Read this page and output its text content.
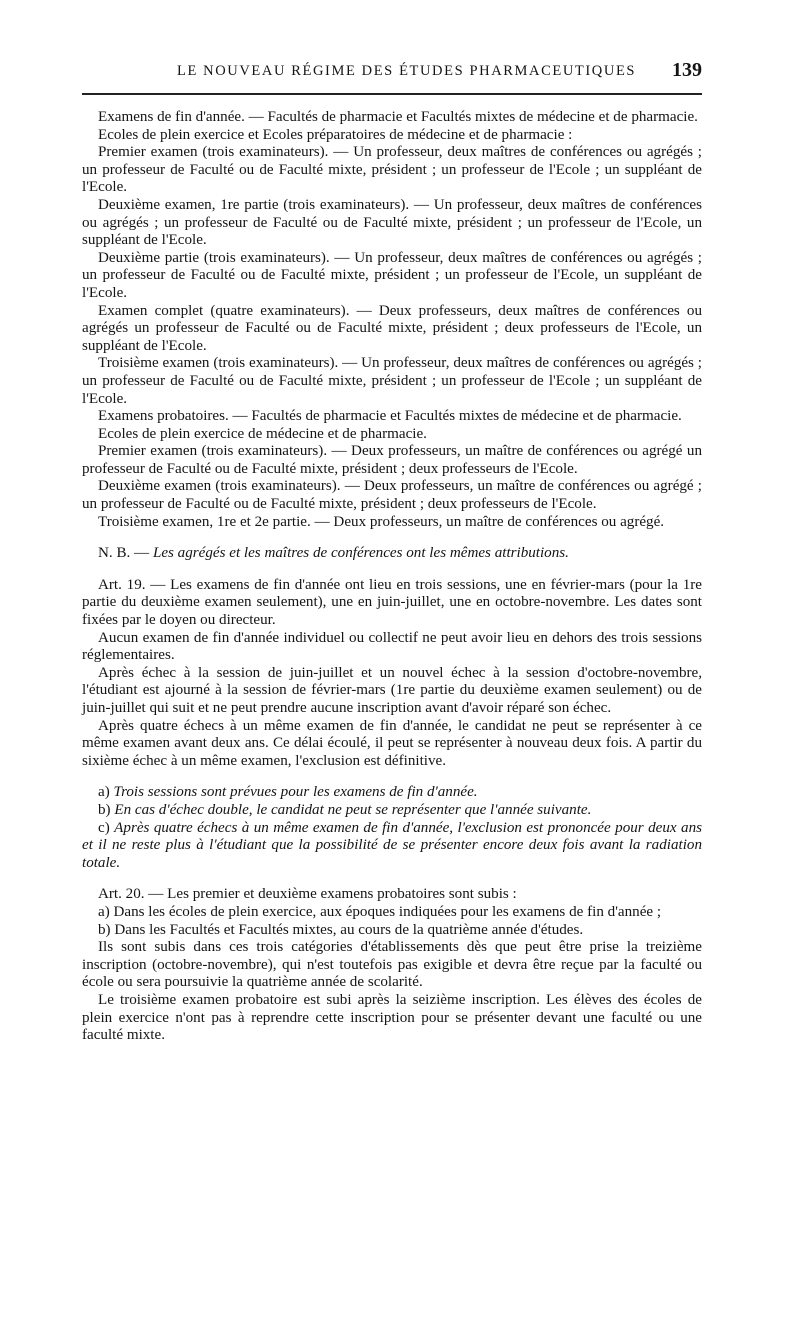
LE NOUVEAU RÉGIME DES ÉTUDES PHARMACEUTIQUES 139

Examens de fin d'année. — Facultés de pharmacie et Facultés mixtes de médecine et de pharmacie.

Ecoles de plein exercice et Ecoles préparatoires de médecine et de pharmacie :

Premier examen (trois examinateurs). — Un professeur, deux maîtres de conférences ou agrégés ; un professeur de Faculté ou de Faculté mixte, président ; un professeur de l'Ecole ; un suppléant de l'Ecole.

Deuxième examen, 1re partie (trois examinateurs). — Un professeur, deux maîtres de conférences ou agrégés ; un professeur de Faculté ou de Faculté mixte, président ; un professeur de l'Ecole, un suppléant de l'Ecole.

Deuxième partie (trois examinateurs). — Un professeur, deux maîtres de conférences ou agrégés ; un professeur de Faculté ou de Faculté mixte, président ; un professeur de l'Ecole, un suppléant de l'Ecole.

Examen complet (quatre examinateurs). — Deux professeurs, deux maîtres de conférences ou agrégés un professeur de Faculté ou de Faculté mixte, président ; deux professeurs de l'Ecole, un suppléant de l'Ecole.

Troisième examen (trois examinateurs). — Un professeur, deux maîtres de conférences ou agrégés ; un professeur de Faculté ou de Faculté mixte, président ; un professeur de l'Ecole ; un suppléant de l'Ecole.

Examens probatoires. — Facultés de pharmacie et Facultés mixtes de médecine et de pharmacie.

Ecoles de plein exercice de médecine et de pharmacie.

Premier examen (trois examinateurs). — Deux professeurs, un maître de conférences ou agrégé un professeur de Faculté ou de Faculté mixte, président ; deux professeurs de l'Ecole.

Deuxième examen (trois examinateurs). — Deux professeurs, un maître de conférences ou agrégé ; un professeur de Faculté ou de Faculté mixte, président ; deux professeurs de l'Ecole.

Troisième examen, 1re et 2e partie. — Deux professeurs, un maître de conférences ou agrégé.

N. B. — Les agrégés et les maîtres de conférences ont les mêmes attributions.

Art. 19. — Les examens de fin d'année ont lieu en trois sessions, une en février-mars (pour la 1re partie du deuxième examen seulement), une en juin-juillet, une en octobre-novembre. Les dates sont fixées par le doyen ou directeur.

Aucun examen de fin d'année individuel ou collectif ne peut avoir lieu en dehors des trois sessions réglementaires.

Après échec à la session de juin-juillet et un nouvel échec à la session d'octobre-novembre, l'étudiant est ajourné à la session de février-mars (1re partie du deuxième examen seulement) ou de juin-juillet qui suit et ne peut prendre aucune inscription avant d'avoir réparé son échec.

Après quatre échecs à un même examen de fin d'année, le candidat ne peut se représenter à ce même examen avant deux ans. Ce délai écoulé, il peut se représenter à nouveau deux fois. A partir du sixième échec à un même examen, l'exclusion est définitive.

a) Trois sessions sont prévues pour les examens de fin d'année.

b) En cas d'échec double, le candidat ne peut se représenter que l'année suivante.

c) Après quatre échecs à un même examen de fin d'année, l'exclusion est prononcée pour deux ans et il ne reste plus à l'étudiant que la possibilité de se présenter encore deux fois avant la radiation totale.

Art. 20. — Les premier et deuxième examens probatoires sont subis :

a) Dans les écoles de plein exercice, aux époques indiquées pour les examens de fin d'année ;

b) Dans les Facultés et Facultés mixtes, au cours de la quatrième année d'études.

Ils sont subis dans ces trois catégories d'établissements dès que peut être prise la treizième inscription (octobre-novembre), qui n'est toutefois pas exigible et devra être reçue par la faculté ou école ou sera poursuivie la quatrième année de scolarité.

Le troisième examen probatoire est subi après la seizième inscription. Les élèves des écoles de plein exercice n'ont pas à reprendre cette inscription pour se présenter devant une faculté ou une faculté mixte.
